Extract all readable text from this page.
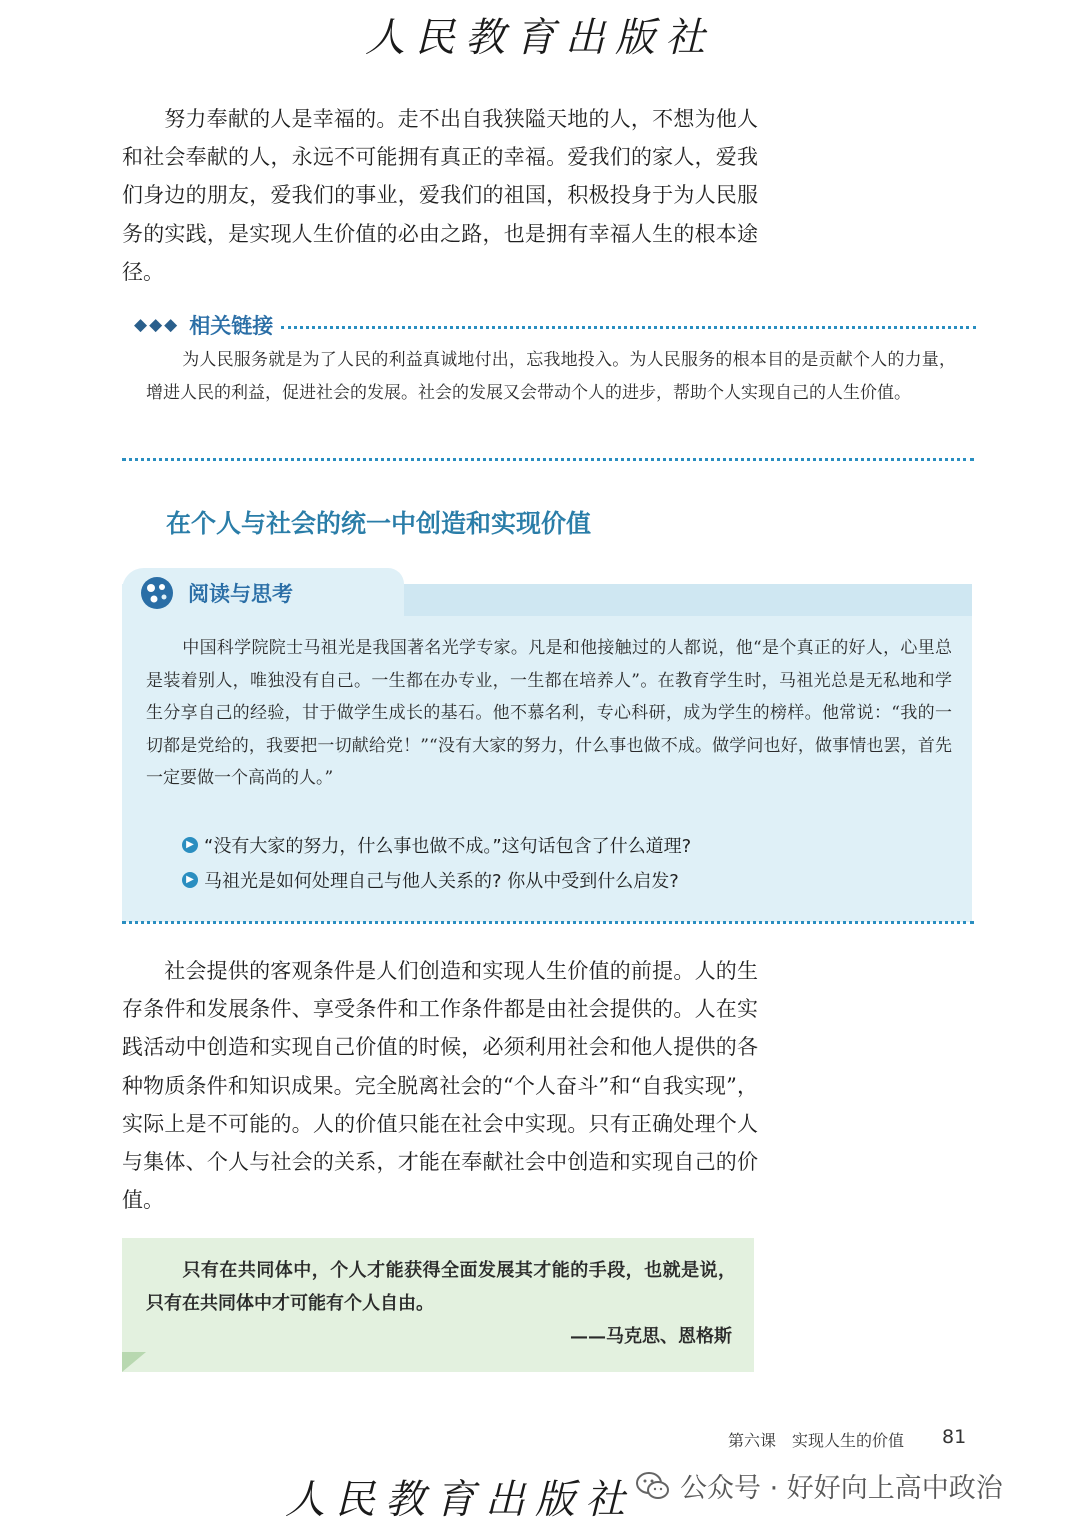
人民教育出版社

努力奉献的人是幸福的。走不出自我狭隘天地的人，不想为他人和社会奉献的人，永远不可能拥有真正的幸福。爱我们的家人，爱我们身边的朋友，爱我们的事业，爱我们的祖国，积极投身于为人民服务的实践，是实现人生价值的必由之路，也是拥有幸福人生的根本途径。

◆◆◆ 相关链接

为人民服务就是为了人民的利益真诚地付出，忘我地投入。为人民服务的根本目的是贡献个人的力量，增进人民的利益，促进社会的发展。社会的发展又会带动个人的进步，帮助个人实现自己的人生价值。

在个人与社会的统一中创造和实现价值
阅读与思考

中国科学院院士马祖光是我国著名光学专家。凡是和他接触过的人都说，他“是个真正的好人，心里总是装着别人，唯独没有自己。一生都在办专业，一生都在培养人”。在教育学生时，马祖光总是无私地和学生分享自己的经验，甘于做学生成长的基石。他不慕名利，专心科研，成为学生的榜样。他常说：“我的一切都是党给的，我要把一切献给党！”“没有大家的努力，什么事也做不成。做学问也好，做事情也罢，首先一定要做一个高尚的人。”

▶ “没有大家的努力，什么事也做不成。”这句话包含了什么道理?
▶ 马祖光是如何处理自己与他人关系的? 你从中受到什么启发?

社会提供的客观条件是人们创造和实现人生价值的前提。人的生存条件和发展条件、享受条件和工作条件都是由社会提供的。人在实践活动中创造和实现自己价值的时候，必须利用社会和他人提供的各种物质条件和知识成果。完全脱离社会的“个人奋斗”和“自我实现”，实际上是不可能的。人的价值只能在社会中实现。只有正确处理个人与集体、个人与社会的关系，才能在奉献社会中创造和实现自己的价值。

只有在共同体中，个人才能获得全面发展其才能的手段，也就是说，只有在共同体中才可能有个人自由。

——马克思、恩格斯
第六课　实现人生的价值 81
人民教育出版社	公众号 · 好好向上高中政治
